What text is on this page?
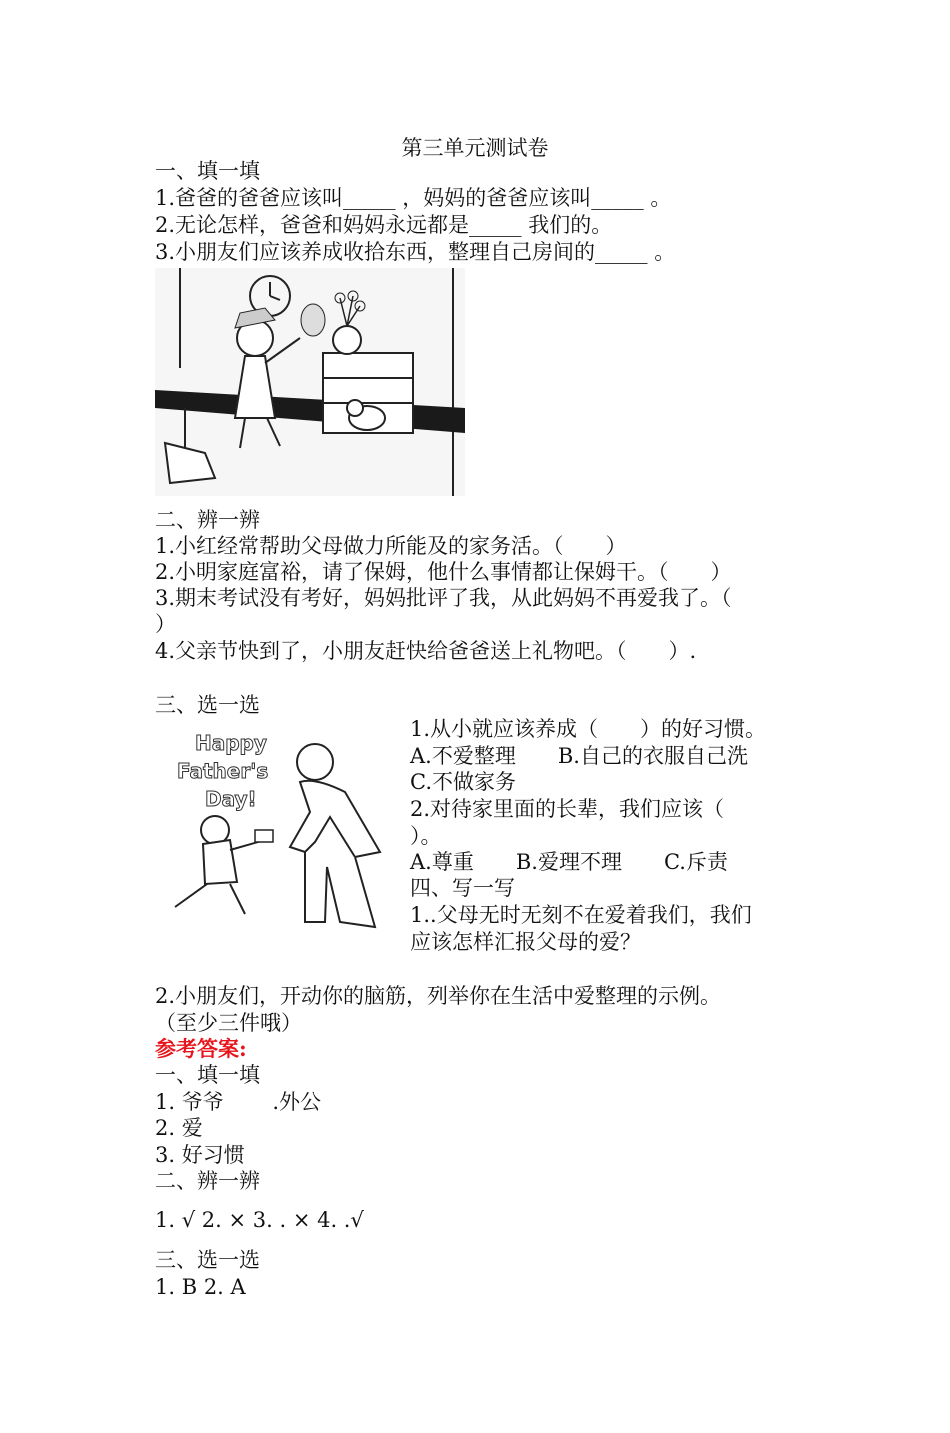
第三单元测试卷
一、填一填
1.爸爸的爸爸应该叫_____ ，妈妈的爸爸应该叫_____ 。
2.无论怎样，爸爸和妈妈永远都是_____ 我们的。
3.小朋友们应该养成收拾东西，整理自己房间的_____ 。
二、辨一辨
1.小红经常帮助父母做力所能及的家务活。（　　）
2.小明家庭富裕，请了保姆，他什么事情都让保姆干。（　　）
3.期末考试没有考好，妈妈批评了我，从此妈妈不再爱我了。（
）
4.父亲节快到了，小朋友赶快给爸爸送上礼物吧。（　　）.
三、选一选
Happy
Father's
Day!
1.从小就应该养成（　　）的好习惯。
A.不爱整理　　B.自己的衣服自己洗
C.不做家务
2.对待家里面的长辈，我们应该（
）。
A.尊重　　B.爱理不理　　C.斥责
四、写一写
1..父母无时无刻不在爱着我们，我们
应该怎样汇报父母的爱？
2.小朋友们，开动你的脑筋，列举你在生活中爱整理的示例。
（至少三件哦）
参考答案:
一、填一填
1. 爷爷　　 .外公
2. 爱
3. 好习惯
二、辨一辨
1. √ 2. × 3. . × 4. .√
三、选一选
1. B 2. A
